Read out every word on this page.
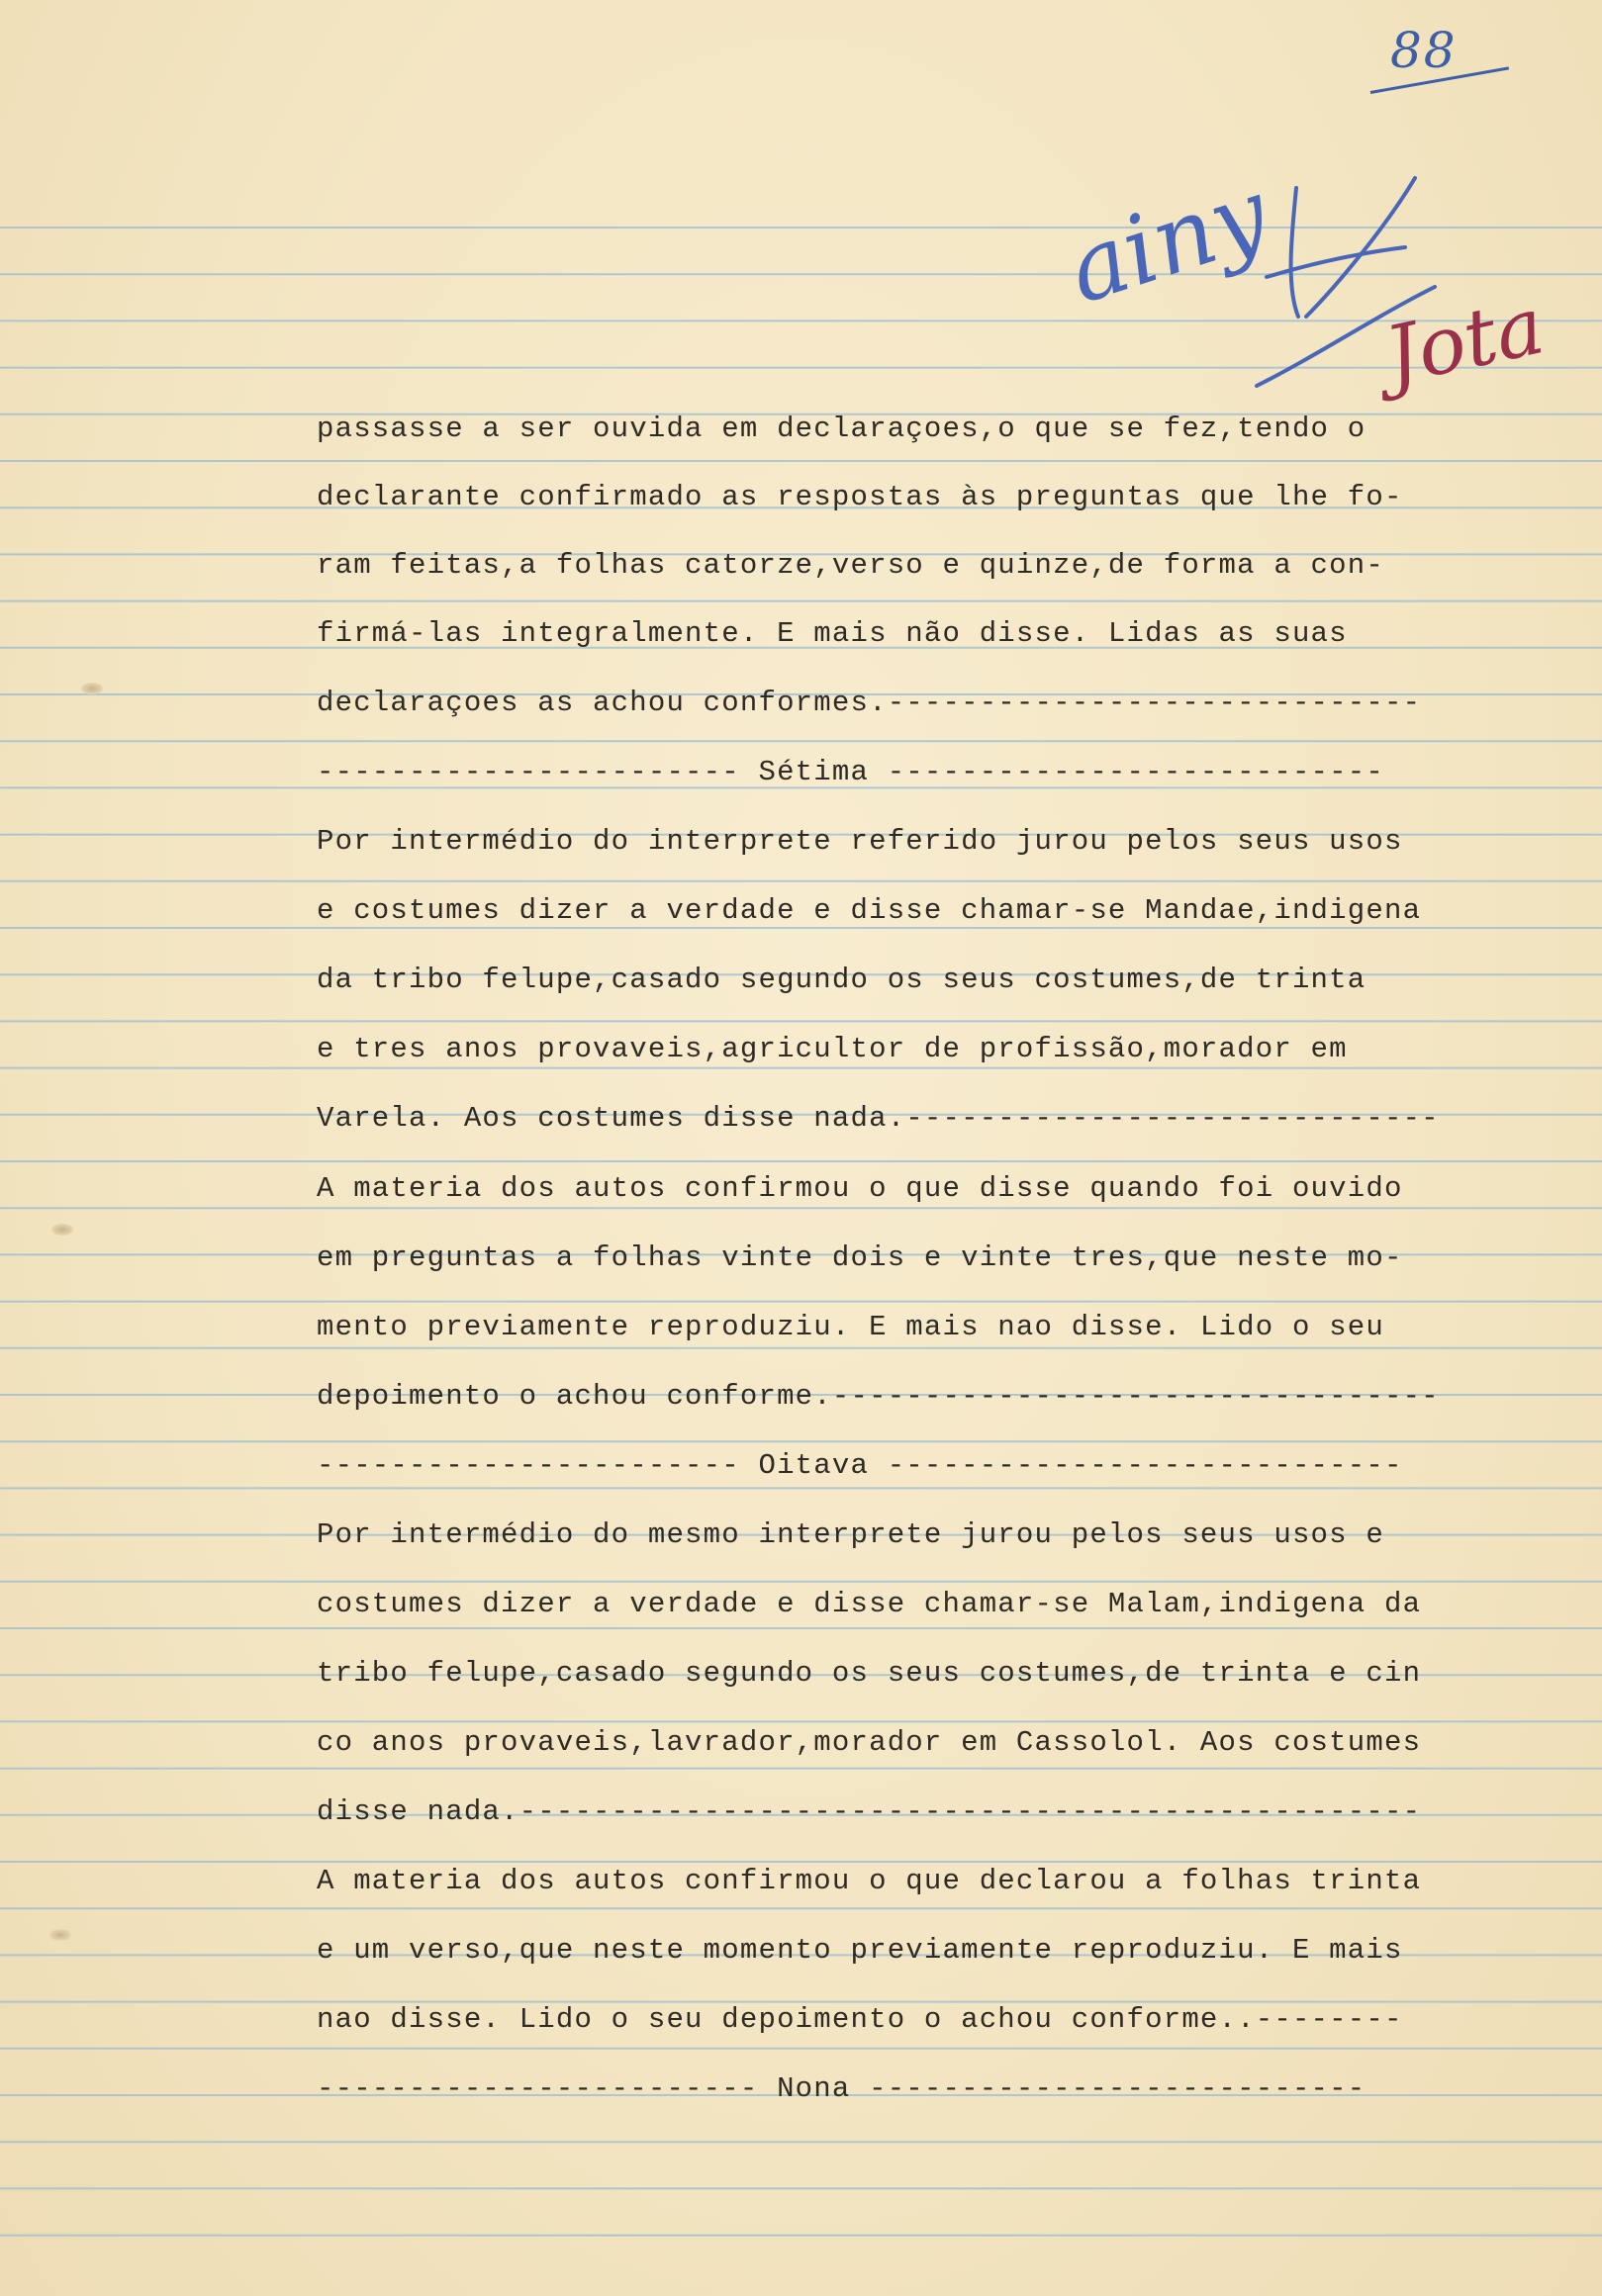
88
ainy
Jota
passasse a ser ouvida em declaraçoes,o que se fez,tendo o
declarante confirmado as respostas às preguntas que lhe fo-
ram feitas,a folhas catorze,verso e quinze,de forma a con-
firmá-las integralmente. E mais não disse. Lidas as suas
declaraçoes as achou conformes.-----------------------------
----------------------- Sétima ---------------------------
Por intermédio do interprete referido jurou pelos seus usos
e costumes dizer a verdade e disse chamar-se Mandae,indigena
da tribo felupe,casado segundo os seus costumes,de trinta
e tres anos provaveis,agricultor de profissão,morador em
Varela. Aos costumes disse nada.-----------------------------
A materia dos autos confirmou o que disse quando foi ouvido
em preguntas a folhas vinte dois e vinte tres,que neste mo-
mento previamente reproduziu. E mais nao disse. Lido o seu
depoimento o achou conforme.---------------------------------
----------------------- Oitava ----------------------------
Por intermédio do mesmo interprete jurou pelos seus usos e
costumes dizer a verdade e disse chamar-se Malam,indigena da
tribo felupe,casado segundo os seus costumes,de trinta e cin
co anos provaveis,lavrador,morador em Cassolol. Aos costumes
disse nada.-------------------------------------------------
A materia dos autos confirmou o que declarou a folhas trinta
e um verso,que neste momento previamente reproduziu. E mais
nao disse. Lido o seu depoimento o achou conforme..--------
------------------------ Nona ---------------------------
